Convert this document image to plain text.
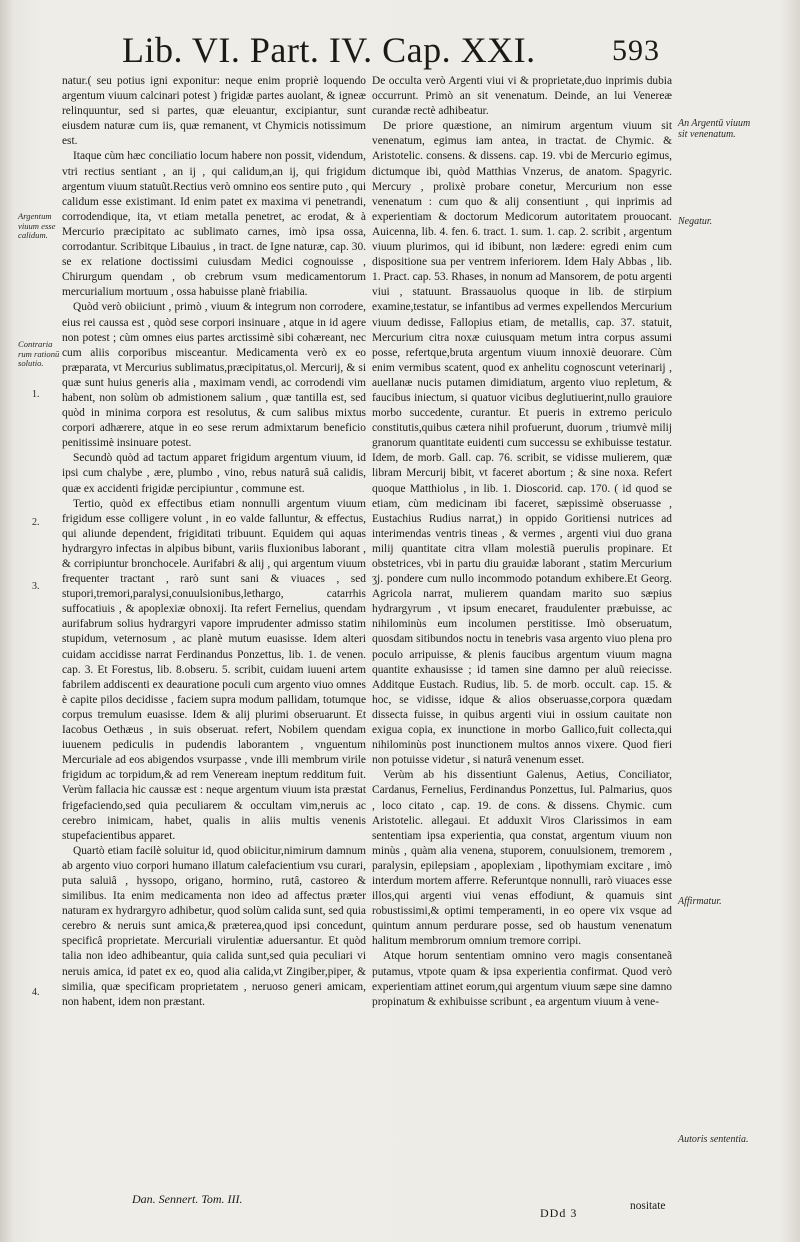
Lib. VI. Part. IV. Cap. XXI.	593

natur.( seu potius igni exponitur: neque enim propriè loquendo argentum viuum calcinari potest ) frigidæ partes auolant, & igneæ relinquuntur, sed si partes, quæ eleuantur, excipiantur, sunt eiusdem naturæ cum iis, quæ remanent, vt Chymicis notissimum est.

Itaque cùm hæc conciliatio locum habere non possit, videndum, vtri rectius sentiant , an ij , qui calidum,an ij, qui frigidum argentum viuum statuũt.Rectius verò omnino eos sentire puto , qui calidum esse existimant. Id enim patet ex maxima vi penetrandi, corrodendique, ita, vt etiam metalla penetret, ac erodat, & à Mercurio præcipitato ac sublimato carnes, imò ipsa ossa, corrodantur. Scribitque Libauius , in tract. de Igne naturæ, cap. 30. se ex relatione doctissimi cuiusdam Medici cognouisse , Chirurgum quendam , ob crebrum vsum medicamentorum mercurialium mortuum , ossa habuisse planè friabilia.

Quòd verò obiiciunt , primò , viuum & integrum non corrodere, eius rei caussa est , quòd sese corpori insinuare , atque in id agere non potest ; cùm omnes eius partes arctissimè sibi cohæreant, nec cum aliis corporibus misceantur. Medicamenta verò ex eo præparata, vt Mercurius sublimatus,præcipitatus,ol. Mercurij, & si quæ sunt huius generis alia , maximam vendi, ac corrodendi vim habent, non solùm ob admistionem salium , quæ tantilla est, sed quòd in minima corpora est resolutus, & cum salibus mixtus corpori adhærere, atque in eo sese rerum admixtarum beneficio penitissimè insinuare potest.

Secundò quòd ad tactum apparet frigidum argentum viuum, id ipsi cum chalybe , ære, plumbo , vino, rebus naturâ suâ calidis, quæ ex accidenti frigidæ percipiuntur , commune est.

Tertio, quòd ex effectibus etiam nonnulli argentum viuum frigidum esse colligere volunt , in eo valde falluntur, & effectus, qui aliunde dependent, frigiditati tribuunt. Equidem qui aquas hydrargyro infectas in alpibus bibunt, variis fluxionibus laborant , & corripiuntur bronchocele. Aurifabri & alij , qui argentum viuum frequenter tractant , rarò sunt sani & viuaces , sed stupori,tremori,paralysi,conuulsionibus,lethargo, catarrhis suffocatiuis , & apoplexiæ obnoxij. Ita refert Fernelius, quendam aurifabrum solius hydrargyri vapore imprudenter admisso statim stupidum, veternosum , ac planè mutum euasisse. Idem alteri cuidam accidisse narrat Ferdinandus Ponzettus, lib. 1. de venen. cap. 3. Et Forestus, lib. 8.obseru. 5. scribit, cuidam iuueni artem fabrilem addiscenti ex deauratione poculi cum argento viuo omnes è capite pilos decidisse , faciem supra modum pallidam, totumque corpus tremulum euasisse. Idem & alij plurimi obseruarunt. Et Iacobus Oethæus , in suis obseruat. refert, Nobilem quendam iuuenem pediculis in pudendis laborantem , vnguentum Mercuriale ad eos abigendos vsurpasse , vnde illi membrum virile frigidum ac torpidum,& ad rem Veneream ineptum redditum fuit. Verùm fallacia hic caussæ est : neque argentum viuum ista præstat frigefaciendo,sed quia peculiarem & occultam vim,neruis ac cerebro inimicam, habet, qualis in aliis multis venenis stupefacientibus apparet.

Quartò etiam facilè soluitur id, quod obiicitur,nimirum damnum ab argento viuo corpori humano illatum calefacientium vsu curari, puta saluiâ , hyssopo, origano, hormino, rutâ, castoreo & similibus. Ita enim medicamenta non ideo ad affectus præter naturam ex hydrargyro adhibetur, quod solùm calida sunt, sed quia cerebro & neruis sunt amica,& præterea,quod ipsi concedunt, specificâ proprietate. Mercuriali virulentiæ aduersantur. Et quòd talia non ideo adhibeantur, quia calida sunt,sed quia peculiari vi neruis amica, id patet ex eo, quod alia calida,vt Zingiber,piper, & similia, quæ specificam proprietatem , neruoso generi amicam, non habent, idem non præstant.

De occulta verò Argenti viui vi & proprietate,duo inprimis dubia occurrunt. Primò an sit venenatum. Deinde, an lui Venereæ curandæ rectè adhibeatur.

De priore quæstione, an nimirum argentum viuum sit venenatum, egimus iam antea, in tractat. de Chymic. & Aristotelic. consens. & dissens. cap. 19. vbi de Mercurio egimus, dictumque ibi, quòd Matthias Vnzerus, de anatom. Spagyric. Mercury , prolixè probare conetur, Mercurium non esse venenatum : cum quo & alij consentiunt , qui inprimis ad experientiam & doctorum Medicorum autoritatem prouocant. Auicenna, lib. 4. fen. 6. tract. 1. sum. 1. cap. 2. scribit , argentum viuum plurimos, qui id ibibunt, non lædere: egredi enim cum dispositione sua per ventrem inferiorem. Idem Haly Abbas , lib. 1. Pract. cap. 53. Rhases, in nonum ad Mansorem, de potu argenti viui , statuunt. Brassauolus quoque in lib. de stirpium examine,testatur, se infantibus ad vermes expellendos Mercurium viuum dedisse, Fallopius etiam, de metallis, cap. 37. statuit, Mercurium citra noxæ cuiusquam metum intra corpus assumi posse, refertque,bruta argentum viuum innoxiè deuorare. Cùm enim vermibus scatent, quod ex anhelitu cognoscunt veterinarij , auellanæ nucis putamen dimidiatum, argento viuo repletum, & faucibus iniectum, si quatuor vicibus deglutiuerint,nullo grauiore morbo succedente, curantur. Et pueris in extremo periculo constitutis,quibus cætera nihil profuerunt, duorum , triumvè milij granorum quantitate euidenti cum successu se exhibuisse testatur. Idem, de morb. Gall. cap. 76. scribit, se vidisse mulierem, quæ libram Mercurij bibit, vt faceret abortum ; & sine noxa. Refert quoque Matthiolus , in lib. 1. Dioscorid. cap. 170. ( id quod se etiam, cùm medicinam ibi faceret, sæpissimè obseruasse , Eustachius Rudius narrat,) in oppido Goritiensi nutrices ad interimendas ventris tineas , & vermes , argenti viui duo grana milij quantitate citra vllam molestiã puerulis propinare. Et obstetrices, vbi in partu diu grauidæ laborant , statim Mercurium ʒj. pondere cum nullo incommodo potandum exhibere.Et Georg. Agricola narrat, mulierem quandam marito suo sæpius hydrargyrum , vt ipsum enecaret, fraudulenter præbuisse, ac nihilominùs eum incolumen perstitisse. Imò obseruatum, quosdam sitibundos noctu in tenebris vasa argento viuo plena pro poculo arripuisse, & plenis faucibus argentum viuum magna quantite exhausisse ; id tamen sine damno per aluũ reiecisse. Additque Eustach. Rudius, lib. 5. de morb. occult. cap. 15. & hoc, se vidisse, idque & alios obseruasse,corpora quædam dissecta fuisse, in quibus argenti viui in ossium cauitate non exigua copia, ex inunctione in morbo Gallico,fuit collecta,qui nihilominùs post inunctionem multos annos vixere. Quod fieri non potuisse videtur , si naturâ venenum esset.

Verùm ab his dissentiunt Galenus, Aetius, Conciliator, Cardanus, Fernelius, Ferdinandus Ponzettus, Iul. Palmarius, quos , loco citato , cap. 19. de cons. & dissens. Chymic. cum Aristotelic. allegaui. Et adduxit Viros Clarissimos in eam sententiam ipsa experientia, qua constat, argentum viuum non minùs , quàm alia venena, stuporem, conuulsionem, tremorem , paralysin, epilepsiam , apoplexiam , lipothymiam excitare , imò interdum mortem afferre. Referuntque nonnulli, rarò viuaces esse illos,qui argenti viui venas effodiunt, & quamuis sint robustissimi,& optimi temperamenti, in eo opere vix vsque ad quintum annum perdurare posse, sed ob haustum venenatum halitum membrorum omnium tremore corripi.

Atque horum sententiam omnino vero magis consentaneã putamus, vtpote quam & ipsa experientia confirmat. Quod verò experientiam attinet eorum,qui argentum viuum sæpe sine damno propinatum & exhibuisse scribunt , ea argentum viuum à vene-

Argentum viuum esse calidum.
Contraria rum rationū solutio.
1.
2.
3.
4.
An Argentū viuum sit venenatum.
Negatur.
Affirmatur.
Autoris sententia.
Dan. Sennert. Tom. III.
DDd 3	nositate
